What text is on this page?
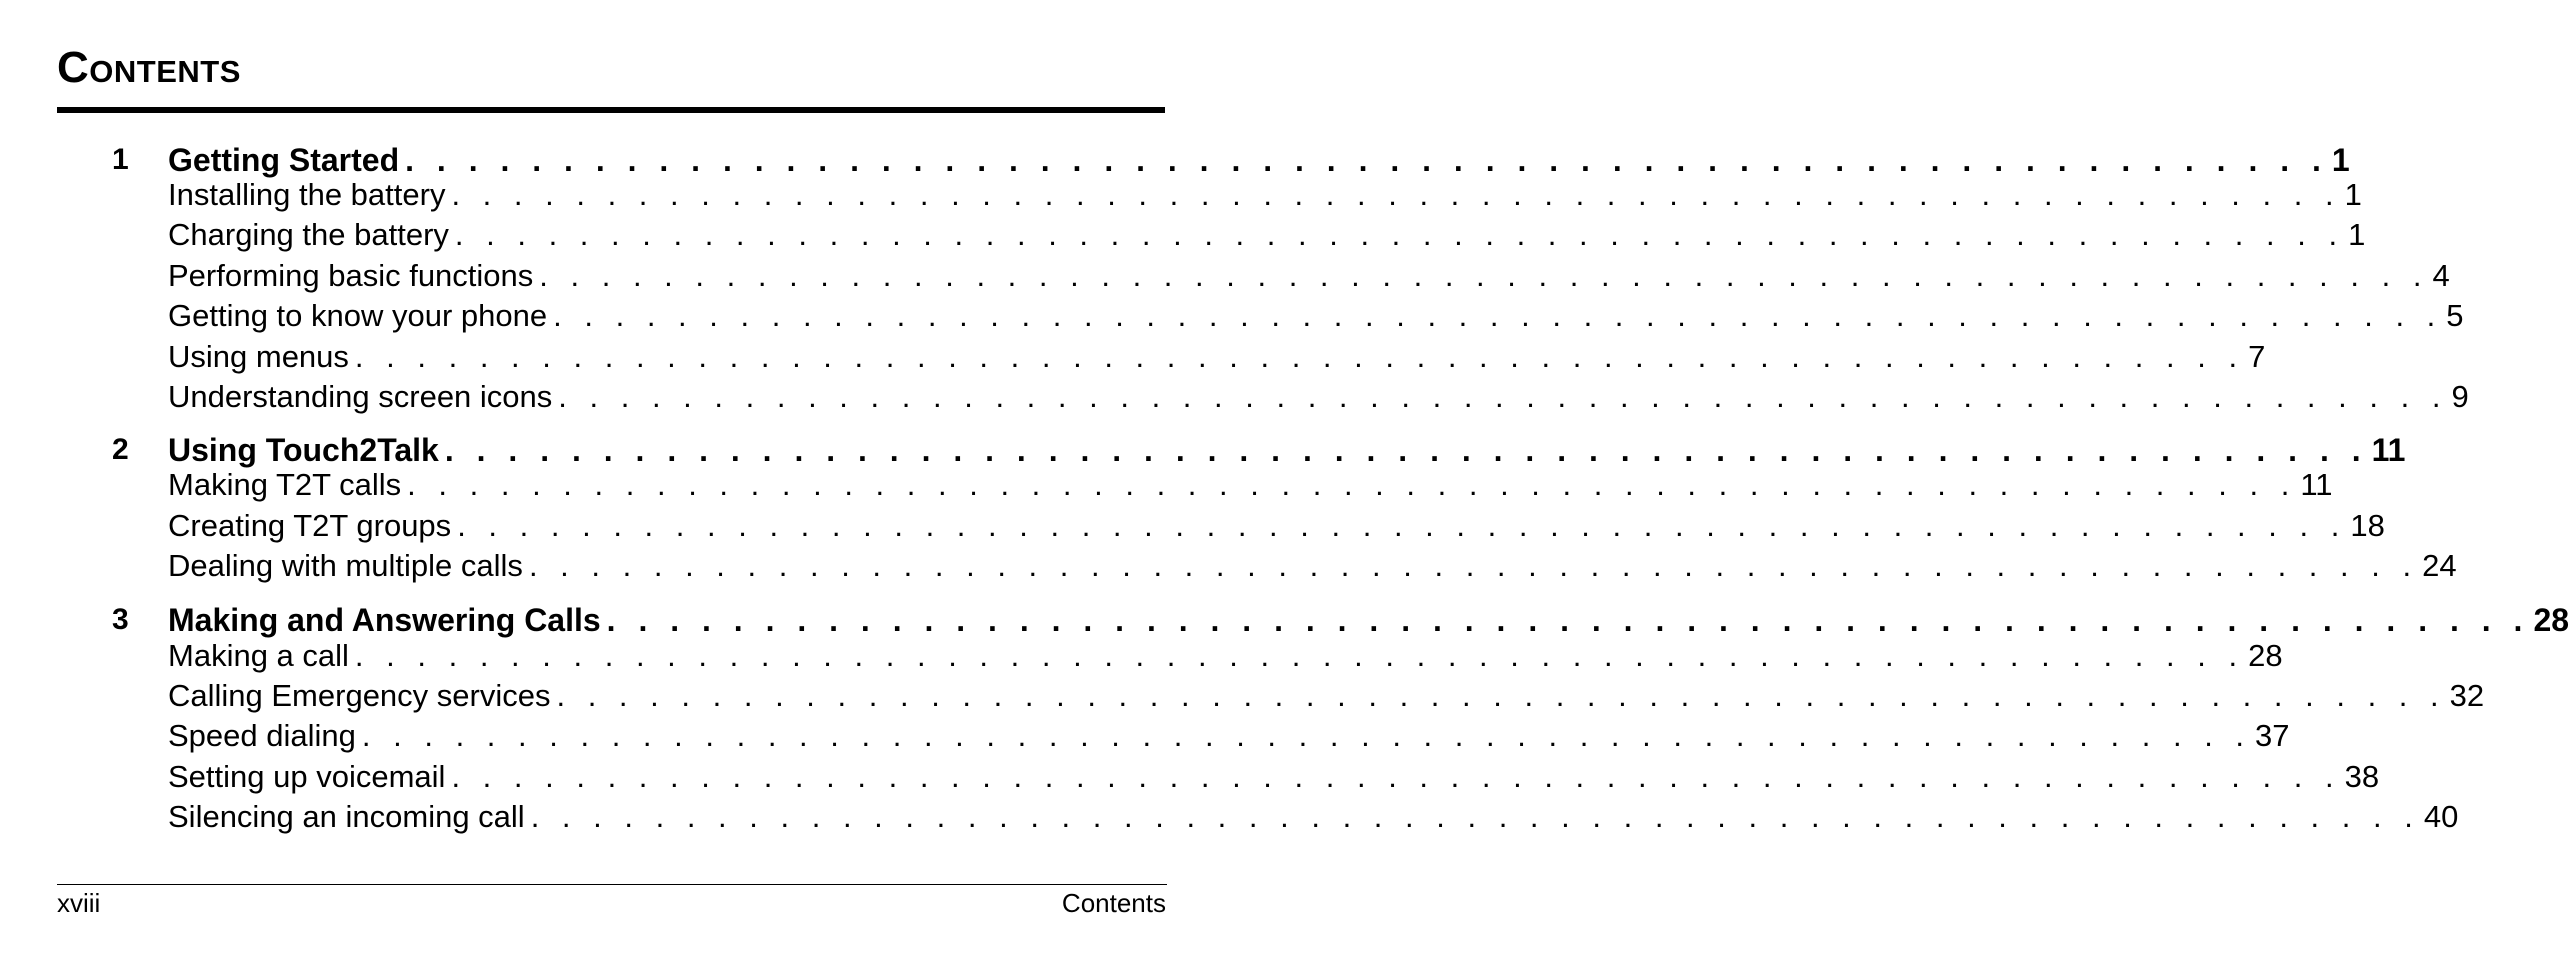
Contents
1 Getting Started . . . . . . . . . . . . . . . . . . . . . . . . . . . . . . . . . . . . . . . . . . . . . . . . . . . . . . . . . . . . . 1
Installing the battery . . . . . . . . . . . . . . . . . . . . . . . . . . . . . . . . . . . . . . . . . . . . . . . . . . . . . . . . . . . . . 1
Charging the battery . . . . . . . . . . . . . . . . . . . . . . . . . . . . . . . . . . . . . . . . . . . . . . . . . . . . . . . . . . . . . 1
Performing basic functions . . . . . . . . . . . . . . . . . . . . . . . . . . . . . . . . . . . . . . . . . . . . . . . . . . . . . . . . . . . . . 4
Getting to know your phone . . . . . . . . . . . . . . . . . . . . . . . . . . . . . . . . . . . . . . . . . . . . . . . . . . . . . . . . . . . . . 5
Using menus . . . . . . . . . . . . . . . . . . . . . . . . . . . . . . . . . . . . . . . . . . . . . . . . . . . . . . . . . . . . . 7
Understanding screen icons . . . . . . . . . . . . . . . . . . . . . . . . . . . . . . . . . . . . . . . . . . . . . . . . . . . . . . . . . . . . . 9
2 Using Touch2Talk . . . . . . . . . . . . . . . . . . . . . . . . . . . . . . . . . . . . . . . . . . . . . . . . . . . . . . . . . . . . . 11
Making T2T calls . . . . . . . . . . . . . . . . . . . . . . . . . . . . . . . . . . . . . . . . . . . . . . . . . . . . . . . . . . . . . 11
Creating T2T groups . . . . . . . . . . . . . . . . . . . . . . . . . . . . . . . . . . . . . . . . . . . . . . . . . . . . . . . . . . . . . 18
Dealing with multiple calls . . . . . . . . . . . . . . . . . . . . . . . . . . . . . . . . . . . . . . . . . . . . . . . . . . . . . . . . . . . . . 24
3 Making and Answering Calls . . . . . . . . . . . . . . . . . . . . . . . . . . . . . . . . . . . . . . . . . . . . . . . . . . . . . . . . . . . . . 28
Making a call . . . . . . . . . . . . . . . . . . . . . . . . . . . . . . . . . . . . . . . . . . . . . . . . . . . . . . . . . . . . . 28
Calling Emergency services . . . . . . . . . . . . . . . . . . . . . . . . . . . . . . . . . . . . . . . . . . . . . . . . . . . . . . . . . . . . . 32
Speed dialing . . . . . . . . . . . . . . . . . . . . . . . . . . . . . . . . . . . . . . . . . . . . . . . . . . . . . . . . . . . . . 37
Setting up voicemail . . . . . . . . . . . . . . . . . . . . . . . . . . . . . . . . . . . . . . . . . . . . . . . . . . . . . . . . . . . . . 38
Silencing an incoming call . . . . . . . . . . . . . . . . . . . . . . . . . . . . . . . . . . . . . . . . . . . . . . . . . . . . . . . . . . . . . 40
xviii	Contents
